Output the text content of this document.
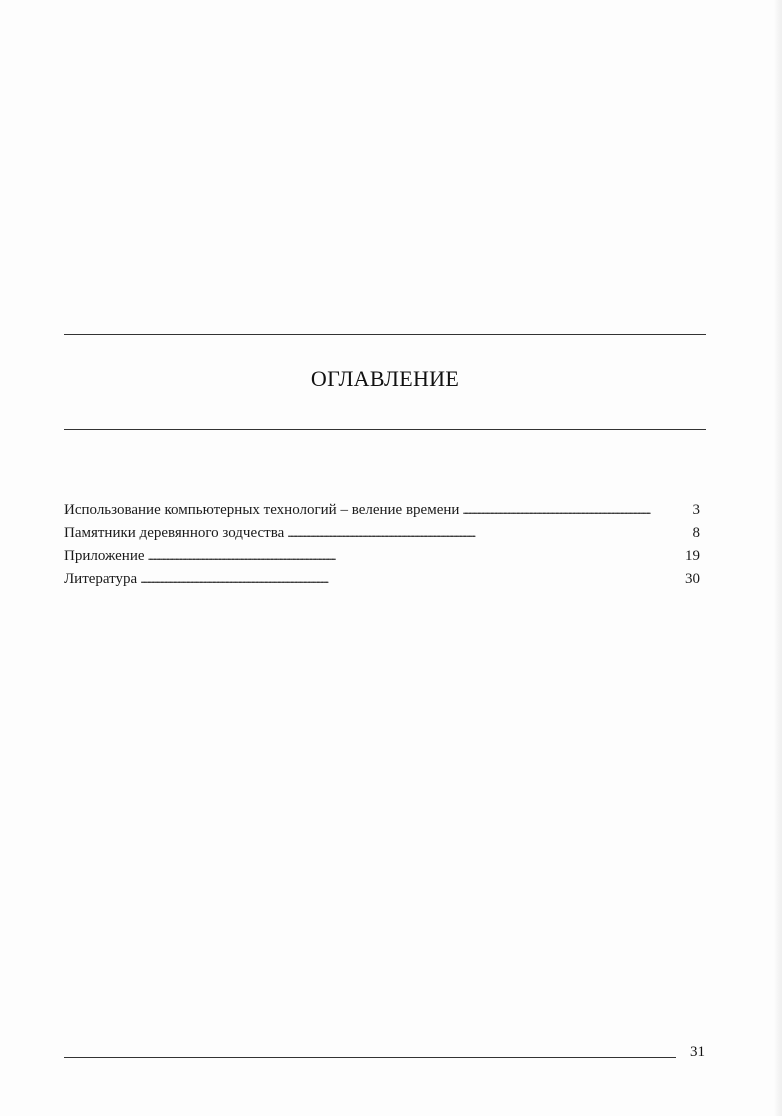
ОГЛАВЛЕНИЕ
Использование компьютерных технологий – веление времени . . .	3
Памятники деревянного зодчества . . .	8
Приложение . . .	19
Литература . . .	30
31
